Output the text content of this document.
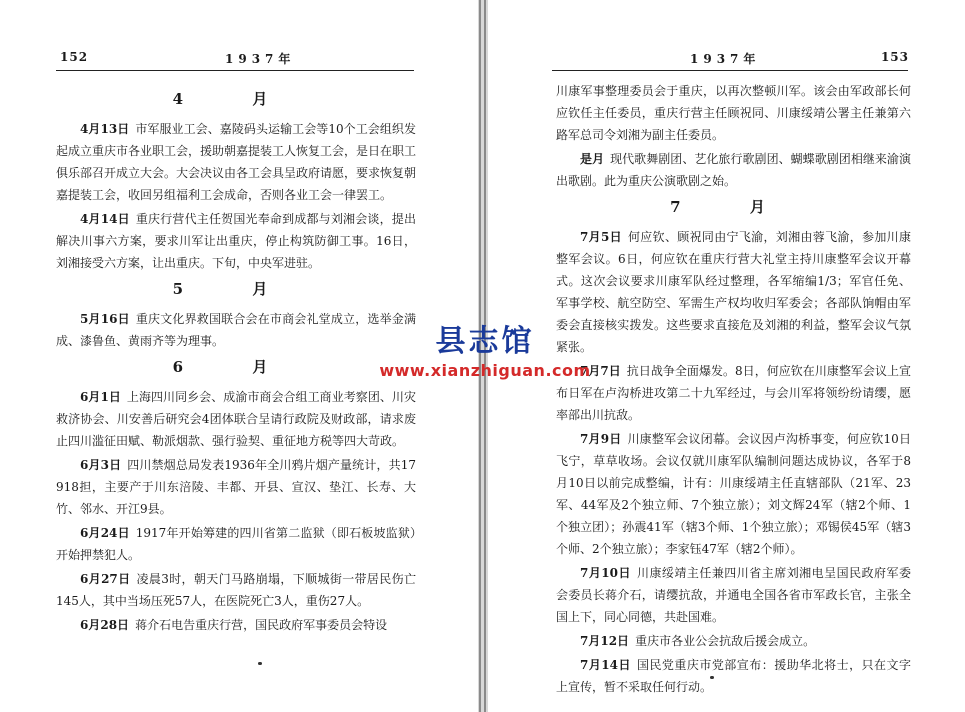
152	1937年
4 月
4月13日 市军服业工会、嘉陵码头运输工会等10个工会组织发起成立重庆市各业职工会，援助朝嘉提装工人恢复工会，是日在职工俱乐部召开成立大会。大会决议由各工会具呈政府请愿，要求恢复朝嘉提装工会，收回另组福利工会成命，否则各业工会一律罢工。
4月14日 重庆行营代主任贺国光奉命到成都与刘湘会谈，提出解决川事六方案，要求川军让出重庆，停止构筑防御工事。16日，刘湘接受六方案，让出重庆。下旬，中央军进驻。
5 月
5月16日 重庆文化界救国联合会在市商会礼堂成立，选举金满成、漆鲁鱼、黄雨齐等为理事。
6 月
6月1日 上海四川同乡会、成渝市商会合组工商业考察团、川灾救济协会、川安善后研究会4团体联合呈请行政院及财政部，请求废止四川滥征田赋、勒派烟款、强行验契、重征地方税等四大苛政。
6月3日 四川禁烟总局发表1936年全川鸦片烟产量统计，共17 918担，主要产于川东涪陵、丰都、开县、宣汉、垫江、长寿、大竹、邻水、开江9县。
6月24日 1917年开始筹建的四川省第二监狱（即石板坡监狱）开始押禁犯人。
6月27日 凌晨3时，朝天门马路崩塌，下顺城街一带居民伤亡145人，其中当场压死57人，在医院死亡3人，重伤27人。
6月28日 蒋介石电告重庆行营，国民政府军事委员会特设
1937年	153
川康军事整理委员会于重庆，以再次整顿川军。该会由军政部长何应钦任主任委员，重庆行营主任顾祝同、川康绥靖公署主任兼第六路军总司令刘湘为副主任委员。
是月 现代歌舞剧团、艺化旅行歌剧团、蝴蝶歌剧团相继来渝演出歌剧。此为重庆公演歌剧之始。
7 月
7月5日 何应钦、顾祝同由宁飞渝，刘湘由蓉飞渝，参加川康整军会议。6日，何应钦在重庆行营大礼堂主持川康整军会议开幕式。这次会议要求川康军队经过整理，各军缩编1/3；军官任免、军事学校、航空防空、军需生产权均收归军委会；各部队饷帽由军委会直接核实拨发。这些要求直接危及刘湘的利益，整军会议气氛紧张。
7月7日 抗日战争全面爆发。8日，何应钦在川康整军会议上宣布日军在卢沟桥进攻第二十九军经过，与会川军将领纷纷请缨，愿率部出川抗敌。
7月9日 川康整军会议闭幕。会议因卢沟桥事变，何应钦10日飞宁，草草收场。会议仅就川康军队编制问题达成协议，各军于8月10日以前完成整编，计有：川康绥靖主任直辖部队（21军、23军、44军及2个独立师、7个独立旅）；刘文辉24军（辖2个师、1个独立团）；孙震41军（辖3个师、1个独立旅）；邓锡侯45军（辖3个师、2个独立旅）；李家钰47军（辖2个师）。
7月10日 川康绥靖主任兼四川省主席刘湘电呈国民政府军委会委员长蒋介石，请缨抗敌，并通电全国各省市军政长官，主张全国上下，同心同德，共赴国难。
7月12日 重庆市各业公会抗敌后援会成立。
7月14日 国民党重庆市党部宣布：援助华北将士，只在文字上宣传，暂不采取任何行动。
县志馆
www.xianzhiguan.com
